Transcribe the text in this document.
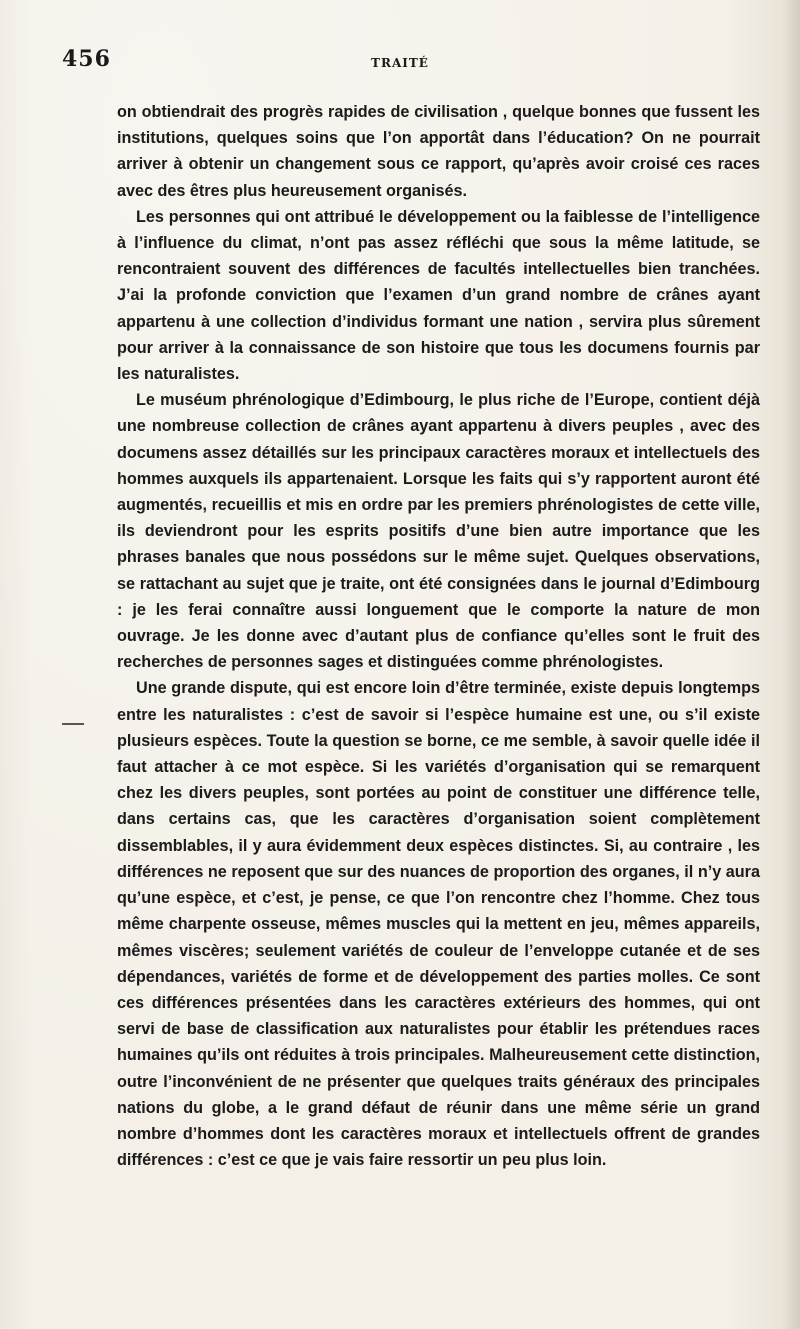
456	TRAITÉ

on obtiendrait des progrès rapides de civilisation , quelque bonnes que fussent les institutions, quelques soins que l’on apportât dans l’éducation? On ne pourrait arriver à obtenir un changement sous ce rapport, qu’après avoir croisé ces races avec des êtres plus heureusement organisés.

Les personnes qui ont attribué le développement ou la faiblesse de l’intelligence à l’influence du climat, n’ont pas assez réfléchi que sous la même latitude, se rencontraient souvent des différences de facultés intellectuelles bien tranchées. J’ai la profonde conviction que l’examen d’un grand nombre de crânes ayant appartenu à une collection d’individus formant une nation , servira plus sûrement pour arriver à la connaissance de son histoire que tous les documens fournis par les naturalistes.

Le muséum phrénologique d’Edimbourg, le plus riche de l’Europe, contient déjà une nombreuse collection de crânes ayant appartenu à divers peuples , avec des documens assez détaillés sur les principaux caractères moraux et intellectuels des hommes auxquels ils appartenaient. Lorsque les faits qui s’y rapportent auront été augmentés, recueillis et mis en ordre par les premiers phrénologistes de cette ville, ils deviendront pour les esprits positifs d’une bien autre importance que les phrases banales que nous possédons sur le même sujet. Quelques observations, se rattachant au sujet que je traite, ont été consignées dans le journal d’Edimbourg : je les ferai connaître aussi longuement que le comporte la nature de mon ouvrage. Je les donne avec d’autant plus de confiance qu’elles sont le fruit des recherches de personnes sages et distinguées comme phrénologistes.

Une grande dispute, qui est encore loin d’être terminée, existe depuis longtemps entre les naturalistes : c’est de savoir si l’espèce humaine est une, ou s’il existe plusieurs espèces. Toute la question se borne, ce me semble, à savoir quelle idée il faut attacher à ce mot espèce. Si les variétés d’organisation qui se remarquent chez les divers peuples, sont portées au point de constituer une différence telle, dans certains cas, que les caractères d’organisation soient complètement dissemblables, il y aura évidemment deux espèces distinctes. Si, au contraire , les différences ne reposent que sur des nuances de proportion des organes, il n’y aura qu’une espèce, et c’est, je pense, ce que l’on rencontre chez l’homme. Chez tous même charpente osseuse, mêmes muscles qui la mettent en jeu, mêmes appareils, mêmes viscères; seulement variétés de couleur de l’enveloppe cutanée et de ses dépendances, variétés de forme et de développement des parties molles. Ce sont ces différences présentées dans les caractères extérieurs des hommes, qui ont servi de base de classification aux naturalistes pour établir les prétendues races humaines qu’ils ont réduites à trois principales. Malheureusement cette distinction, outre l’inconvénient de ne présenter que quelques traits généraux des principales nations du globe, a le grand défaut de réunir dans une même série un grand nombre d’hommes dont les caractères moraux et intellectuels offrent de grandes différences : c’est ce que je vais faire ressortir un peu plus loin.
